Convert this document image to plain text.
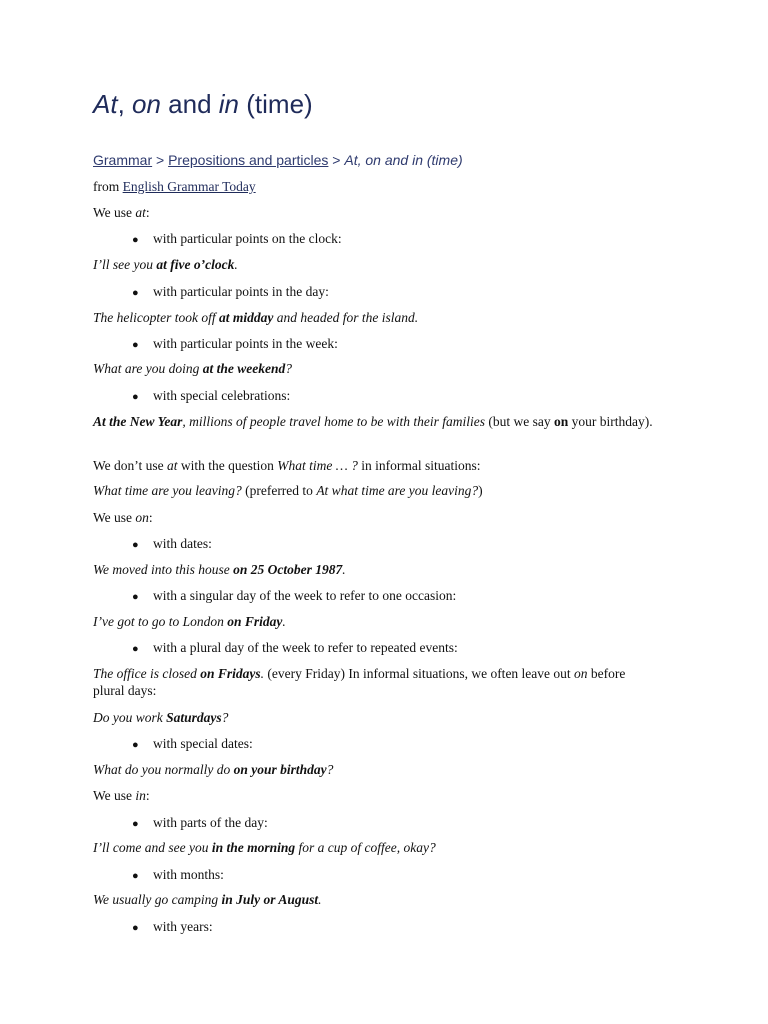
At, on and in (time)
Grammar > Prepositions and particles > At, on and in (time)
from English Grammar Today
We use at:
● with particular points on the clock:
I’ll see you at five o’clock.
● with particular points in the day:
The helicopter took off at midday and headed for the island.
● with particular points in the week:
What are you doing at the weekend?
● with special celebrations:
At the New Year, millions of people travel home to be with their families (but we say on your birthday).
We don’t use at with the question What time … ? in informal situations:
What time are you leaving? (preferred to At what time are you leaving?)
We use on:
● with dates:
We moved into this house on 25 October 1987.
● with a singular day of the week to refer to one occasion:
I’ve got to go to London on Friday.
● with a plural day of the week to refer to repeated events:
The office is closed on Fridays. (every Friday) In informal situations, we often leave out on before plural days:
Do you work Saturdays?
● with special dates:
What do you normally do on your birthday?
We use in:
● with parts of the day:
I’ll come and see you in the morning for a cup of coffee, okay?
● with months:
We usually go camping in July or August.
● with years:
